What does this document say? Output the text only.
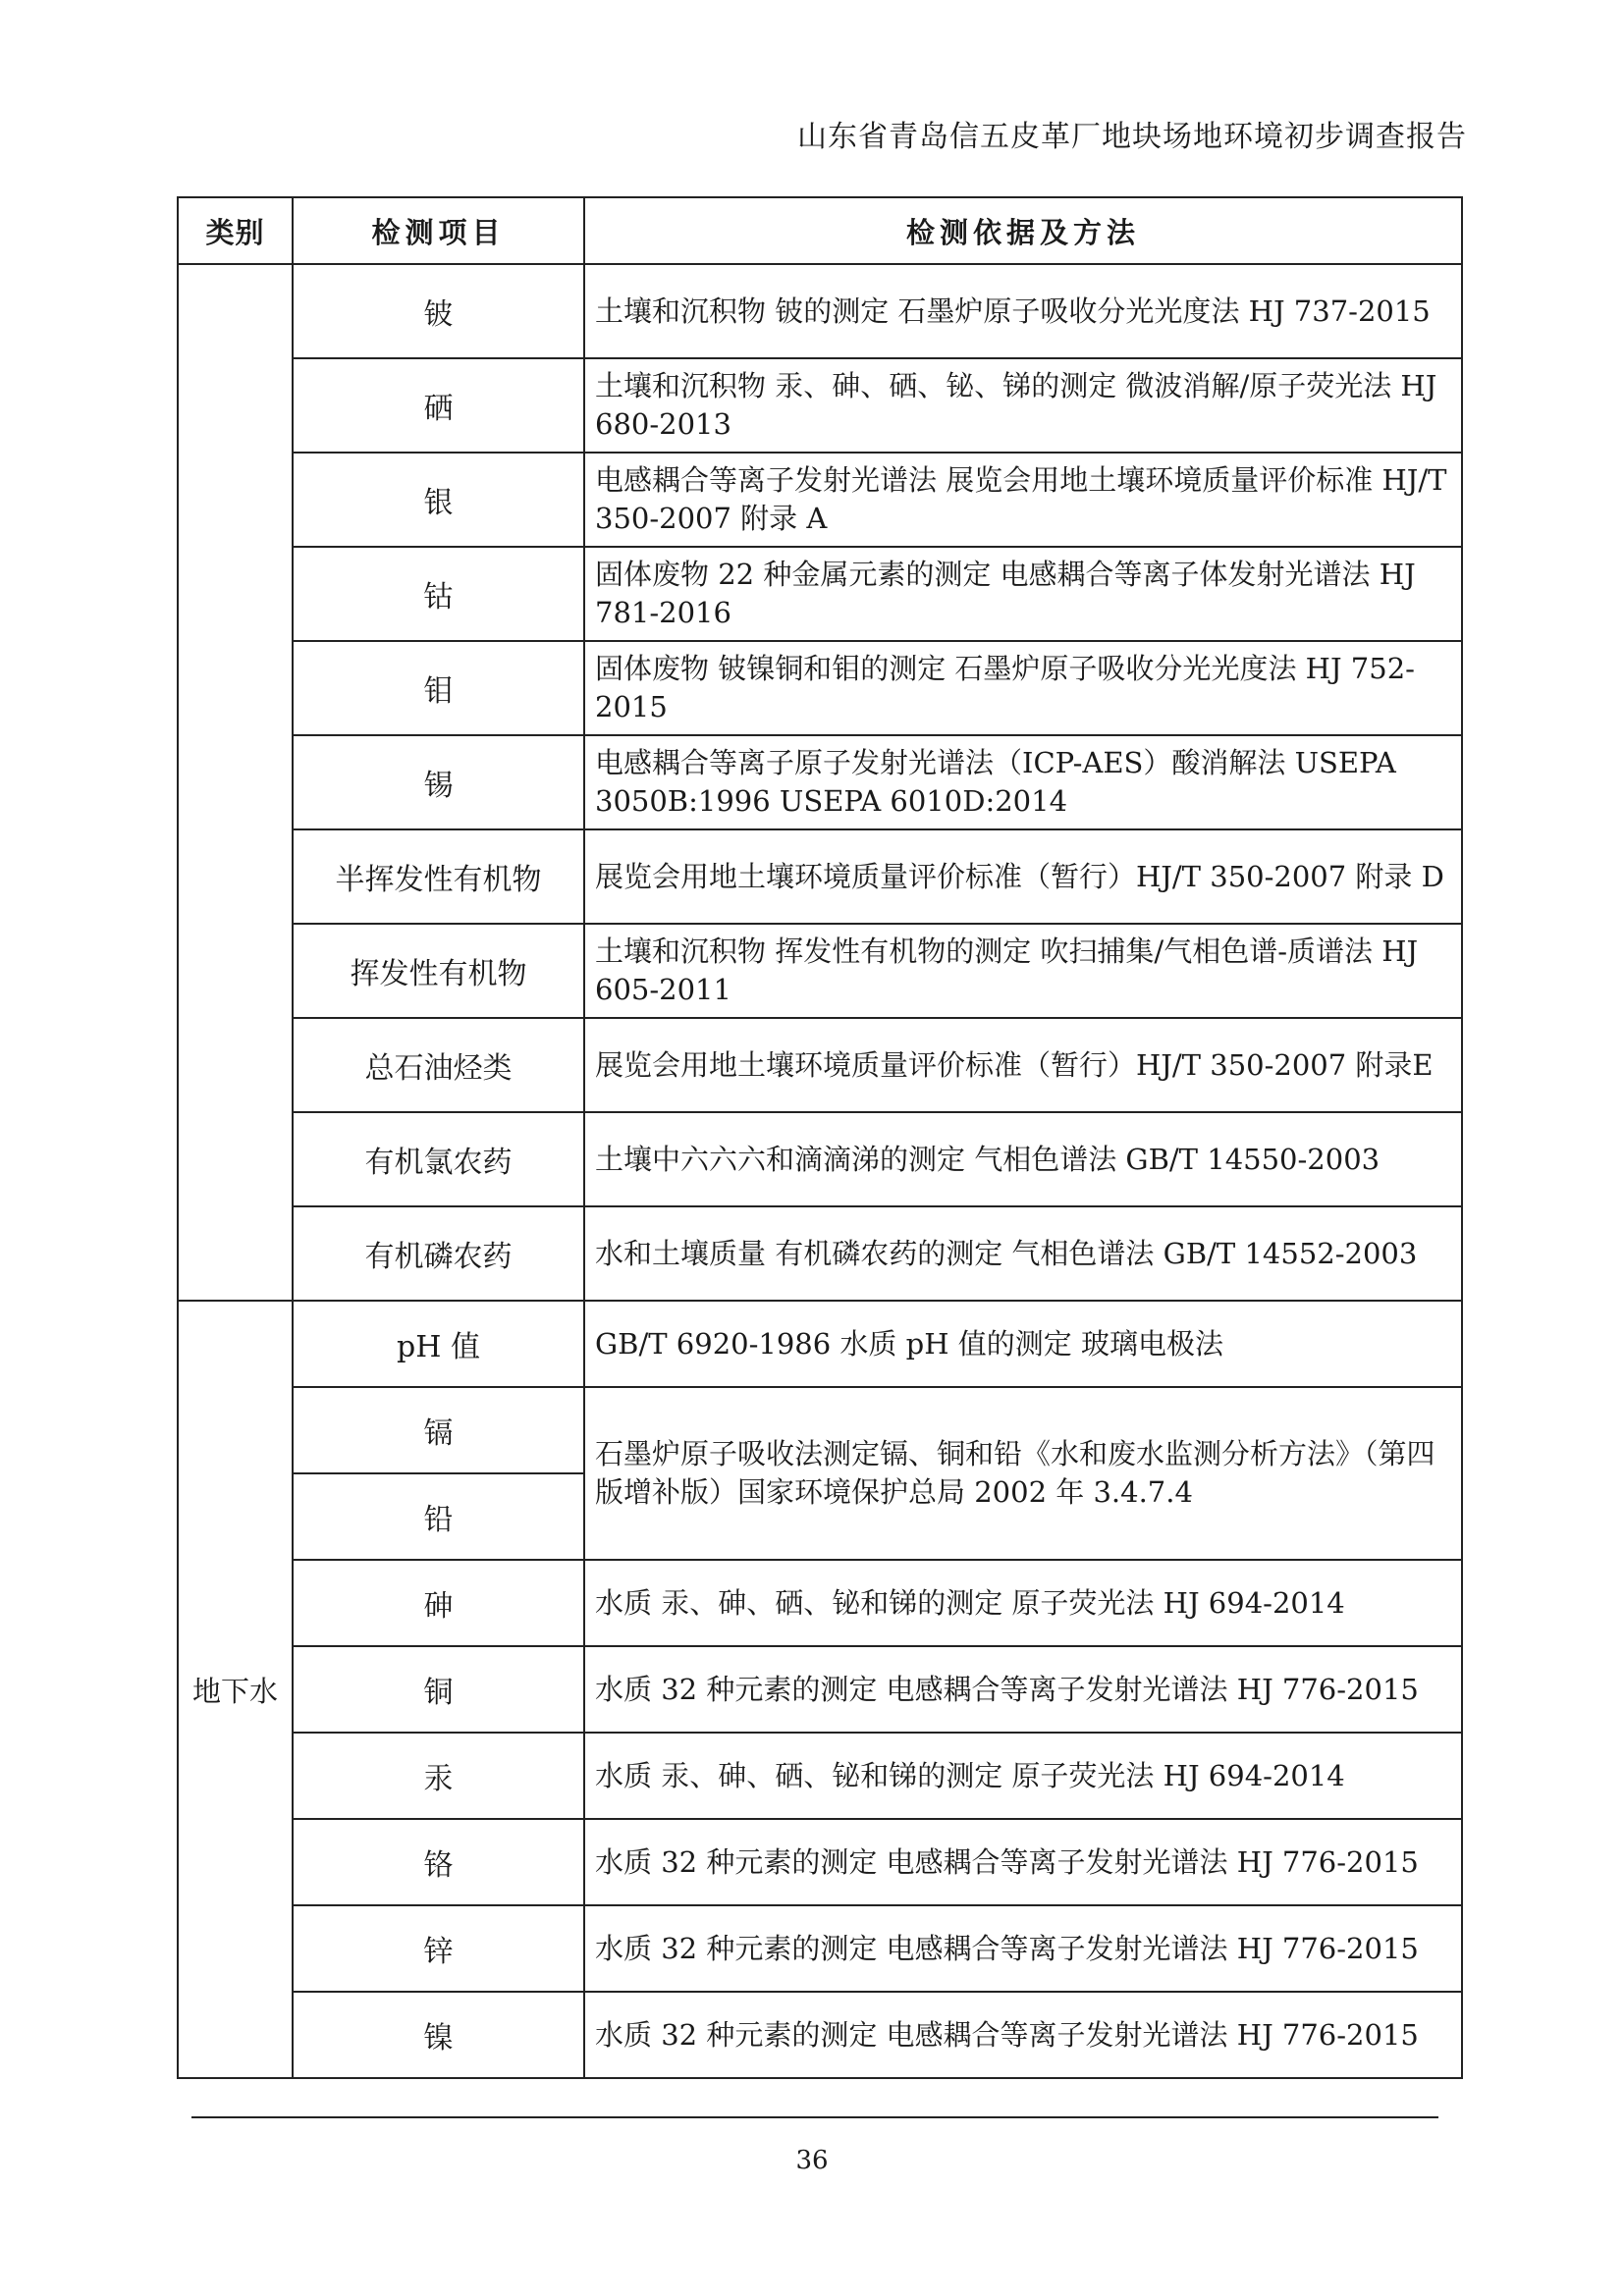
山东省青岛信五皮革厂地块场地环境初步调查报告
类别	检测项目	检测依据及方法
	铍	土壤和沉积物 铍的测定 石墨炉原子吸收分光光度法 HJ 737-2015
	硒	土壤和沉积物 汞、砷、硒、铋、锑的测定 微波消解/原子荧光法 HJ 680-2013
	银	电感耦合等离子发射光谱法 展览会用地土壤环境质量评价标准 HJ/T 350-2007 附录 A
	钴	固体废物 22 种金属元素的测定 电感耦合等离子体发射光谱法 HJ 781-2016
	钼	固体废物 铍镍铜和钼的测定 石墨炉原子吸收分光光度法 HJ 752-2015
	锡	电感耦合等离子原子发射光谱法（ICP-AES）酸消解法 USEPA 3050B:1996 USEPA 6010D:2014
	半挥发性有机物	展览会用地土壤环境质量评价标准（暂行）HJ/T 350-2007 附录 D
	挥发性有机物	土壤和沉积物 挥发性有机物的测定 吹扫捕集/气相色谱-质谱法 HJ 605-2011
	总石油烃类	展览会用地土壤环境质量评价标准（暂行）HJ/T 350-2007 附录E
	有机氯农药	土壤中六六六和滴滴涕的测定 气相色谱法 GB/T 14550-2003
	有机磷农药	水和土壤质量 有机磷农药的测定 气相色谱法 GB/T 14552-2003
地下水	pH 值	GB/T 6920-1986 水质 pH 值的测定 玻璃电极法
	镉	石墨炉原子吸收法测定镉、铜和铅《水和废水监测分析方法》（第四版增补版）国家环境保护总局 2002 年 3.4.7.4
	铅	
	砷	水质 汞、砷、硒、铋和锑的测定 原子荧光法 HJ 694-2014
	铜	水质 32 种元素的测定 电感耦合等离子发射光谱法 HJ 776-2015
	汞	水质 汞、砷、硒、铋和锑的测定 原子荧光法 HJ 694-2014
	铬	水质 32 种元素的测定 电感耦合等离子发射光谱法 HJ 776-2015
	锌	水质 32 种元素的测定 电感耦合等离子发射光谱法 HJ 776-2015
	镍	水质 32 种元素的测定 电感耦合等离子发射光谱法 HJ 776-2015
36
